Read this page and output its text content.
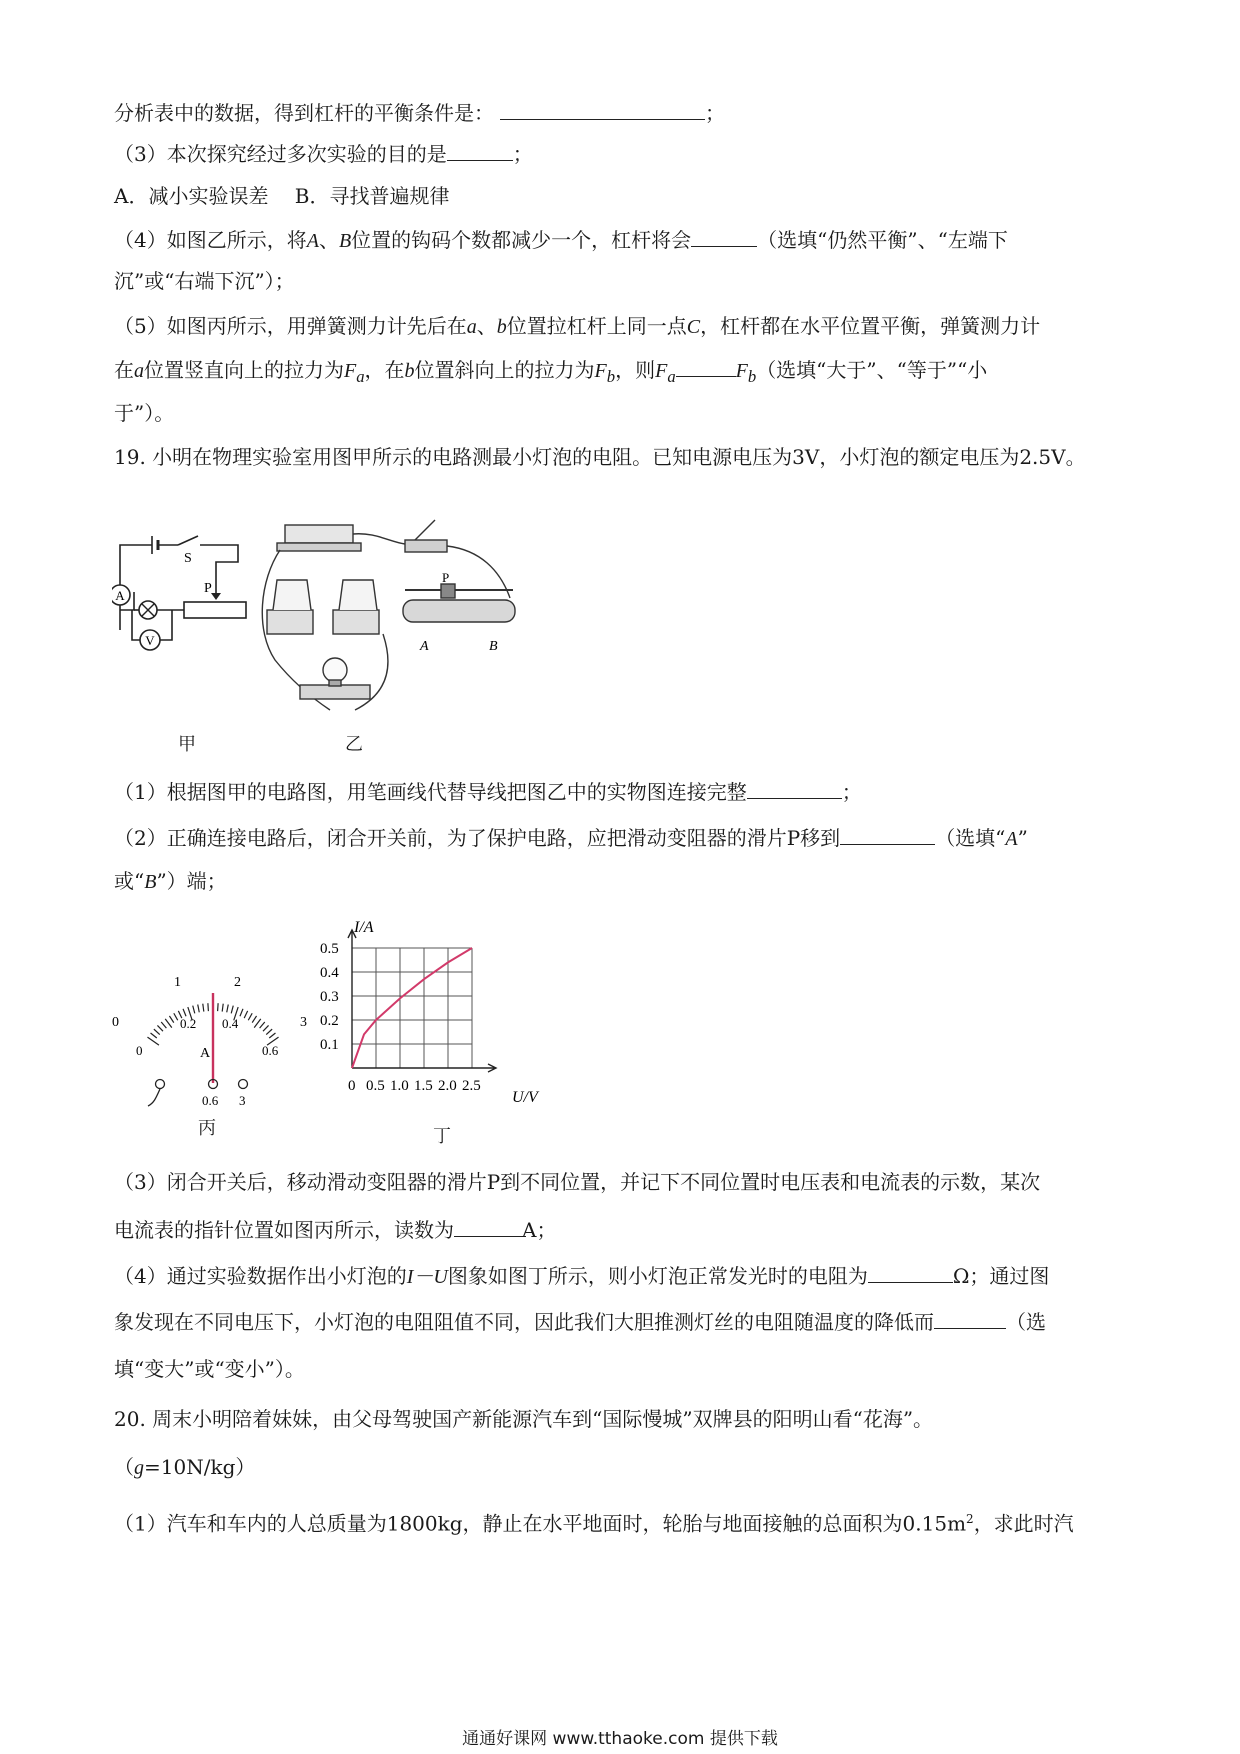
分析表中的数据，得到杠杆的平衡条件是：	；
（3）本次探究经过多次实验的目的是	；
A．减小实验误差　 B．寻找普遍规律
（4）如图乙所示，将A、B位置的钩码个数都减少一个，杠杆将会	（选填“仍然平衡”、“左端下
沉”或“右端下沉”）；
（5）如图丙所示，用弹簧测力计先后在a、b位置拉杠杆上同一点C，杠杆都在水平位置平衡，弹簧测力计
在a位置竖直向上的拉力为$F_a$，在b位置斜向上的拉力为$F_b$，则$F_a$	$F_b$（选填“大于”、“等于”“小
于”）。
19. 小明在物理实验室用图甲所示的电路测最小灯泡的电阻。已知电源电压为3V，小灯泡的额定电压为2.5V。
A
V
S
P
甲
A	B
P
乙
（1）根据图甲的电路图，用笔画线代替导线把图乙中的实物图连接完整	；
（2）正确连接电路后，闭合开关前，为了保护电路，应把滑动变阻器的滑片P移到	（选填“A”
或“B”）端；
0
1	2
3
0
0.2 0.4
0.6
A
0.6 3
丙
0 0.5 1.0 1.5 2.0 2.5
0.1
0.2
0.3
0.4
0.5
I/A
U/V
丁
（3）闭合开关后，移动滑动变阻器的滑片P到不同位置，并记下不同位置时电压表和电流表的示数，某次
电流表的指针位置如图丙所示，读数为	A；
（4）通过实验数据作出小灯泡的I－U图象如图丁所示，则小灯泡正常发光时的电阻为	Ω；通过图
象发现在不同电压下，小灯泡的电阻阻值不同，因此我们大胆推测灯丝的电阻随温度的降低而	（选
填“变大”或“变小”）。
20. 周末小明陪着妹妹，由父母驾驶国产新能源汽车到“国际慢城”双牌县的阳明山看“花海”。
（g=10N/kg）
（1）汽车和车内的人总质量为1800kg，静止在水平地面时，轮胎与地面接触的总面积为$0.15m^2$，求此时汽
通通好课网 www.tthaoke.com 提供下载
